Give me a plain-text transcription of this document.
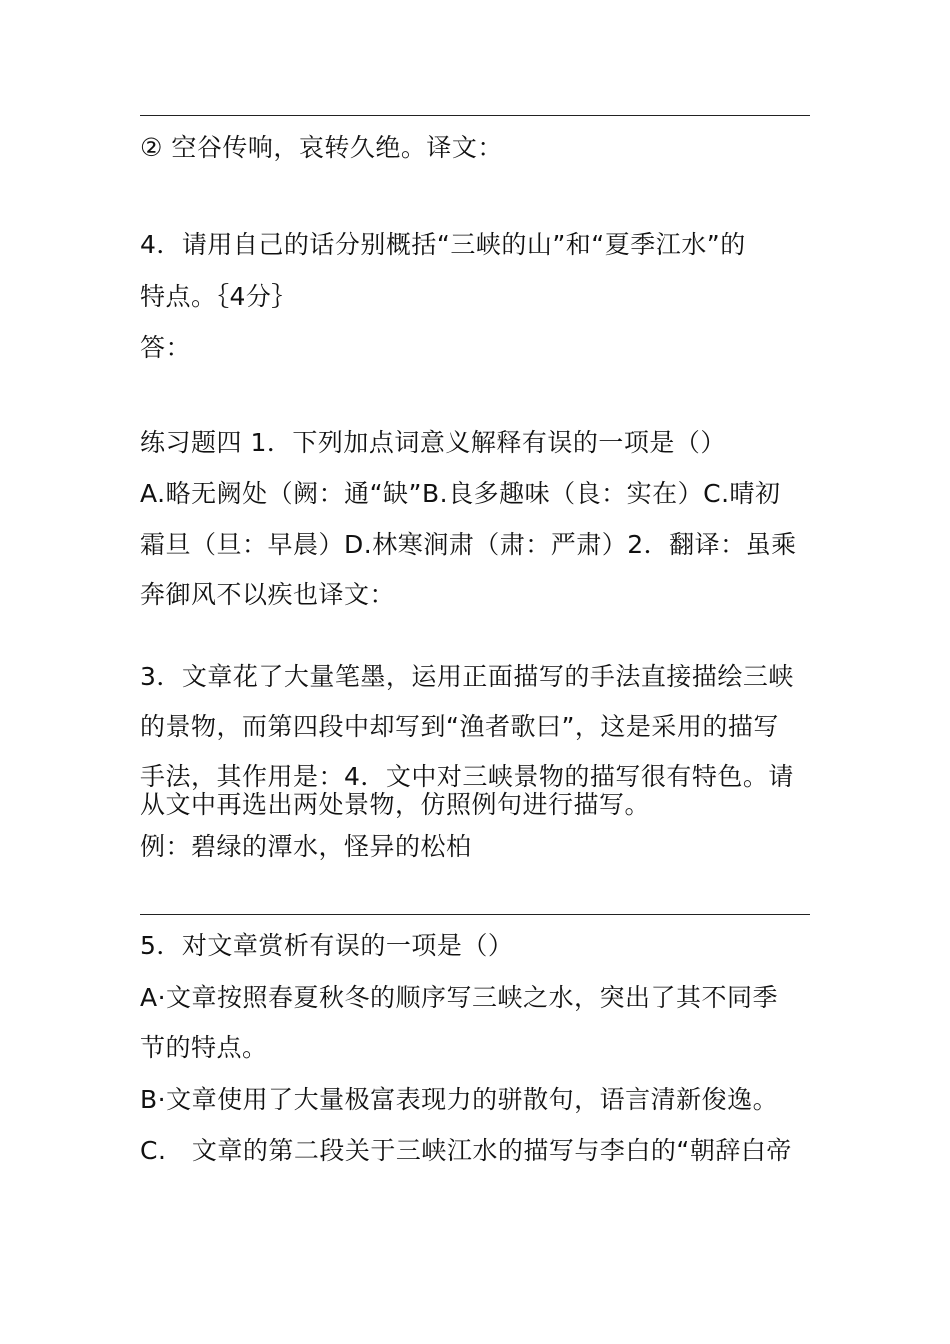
② 空谷传响，哀转久绝。译文：
4．请用自己的话分别概括“三峡的山”和“夏季江水”的
特点。｛4分｝
答：
练习题四 1．下列加点词意义解释有误的一项是（）
A.略无阙处（阙：通“缺”B.良多趣味（良：实在）C.晴初
霜旦（旦：早晨）D.林寒涧肃（肃：严肃）2．翻译：虽乘
奔御风不以疾也译文：
3．文章花了大量笔墨，运用正面描写的手法直接描绘三峡
的景物，而第四段中却写到“渔者歌曰”，这是采用的描写
手法，其作用是：4．文中对三峡景物的描写很有特色。请
从文中再选出两处景物，仿照例句进行描写。
例：碧绿的潭水，怪异的松柏
5．对文章赏析有误的一项是（）
A·文章按照春夏秋冬的顺序写三峡之水，突出了其不同季
节的特点。
B·文章使用了大量极富表现力的骈散句，语言清新俊逸。
C.　文章的第二段关于三峡江水的描写与李白的“朝辞白帝
